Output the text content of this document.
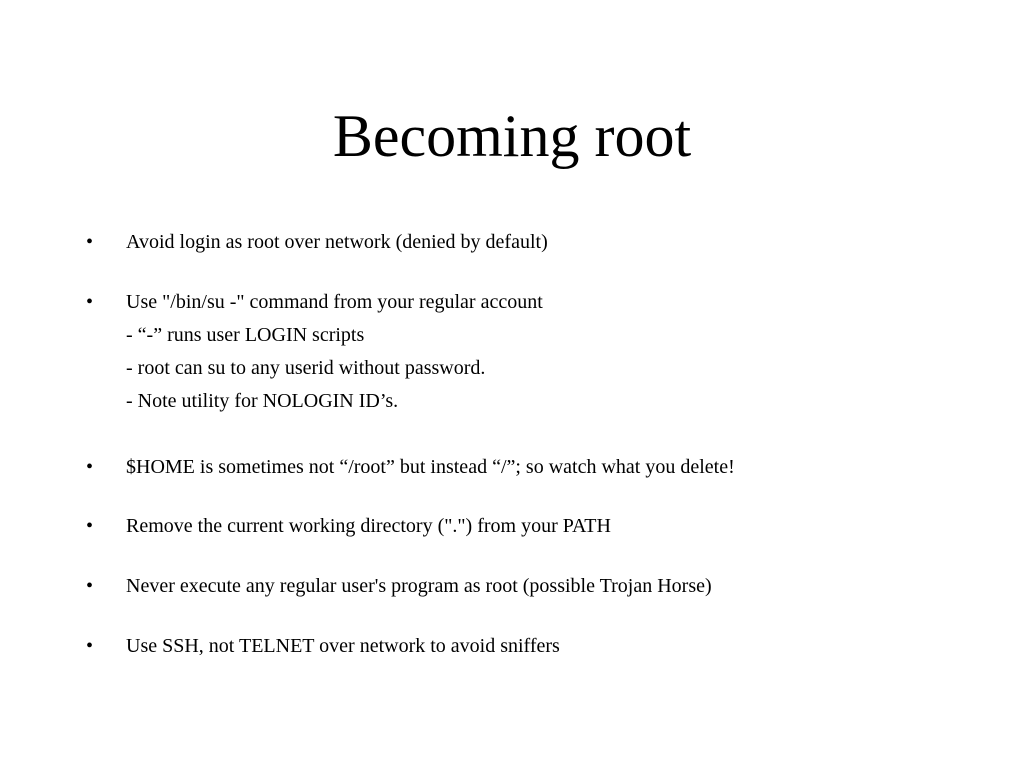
Becoming root
• Avoid login as root over network (denied by default)
• Use "/bin/su -" command from your regular account
- “-” runs user LOGIN scripts
- root can su to any userid without password.
- Note utility for NOLOGIN ID’s.
• $HOME is sometimes not “/root” but instead “/”; so watch what you delete!
• Remove the current working directory (".") from your PATH
• Never execute any regular user's program as root (possible Trojan Horse)
• Use SSH, not TELNET over network to avoid sniffers
